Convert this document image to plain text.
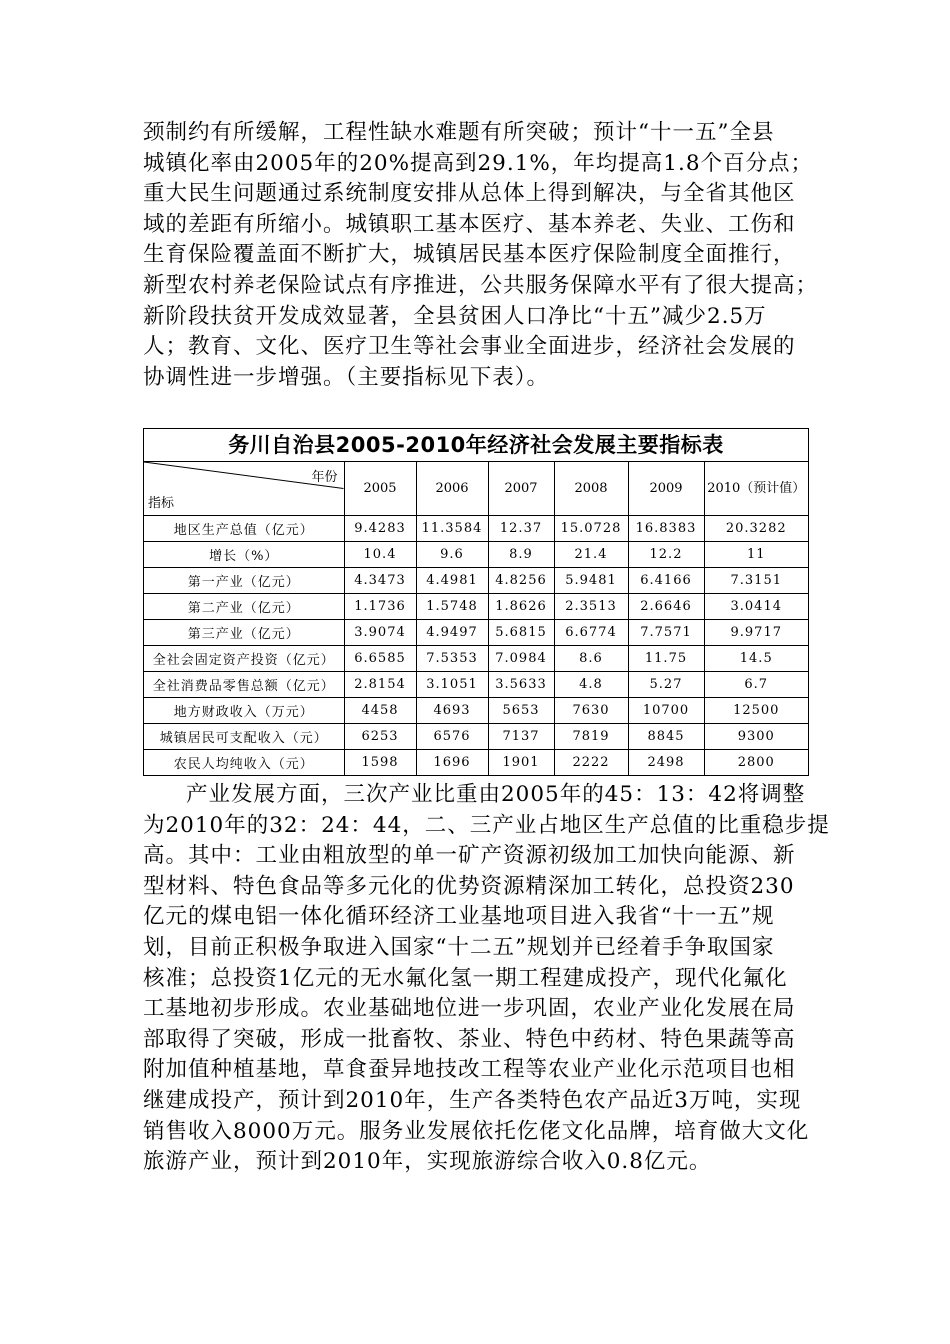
颈制约有所缓解，工程性缺水难题有所突破；预计“十一五”全县
城镇化率由2005年的20%提高到29.1%，年均提高1.8个百分点；
重大民生问题通过系统制度安排从总体上得到解决，与全省其他区
域的差距有所缩小。城镇职工基本医疗、基本养老、失业、工伤和
生育保险覆盖面不断扩大，城镇居民基本医疗保险制度全面推行，
新型农村养老保险试点有序推进，公共服务保障水平有了很大提高；
新阶段扶贫开发成效显著，全县贫困人口净比“十五”减少2.5万
人；教育、文化、医疗卫生等社会事业全面进步，经济社会发展的
协调性进一步增强。（主要指标见下表）。
务川自治县2005-2010年经济社会发展主要指标表
年份
指标	2005	2006	2007	2008	2009	2010（预计值）
地区生产总值（亿元）	9.4283	11.3584	12.37	15.0728	16.8383	20.3282
增长（%）	10.4	9.6	8.9	21.4	12.2	11
第一产业（亿元）	4.3473	4.4981	4.8256	5.9481	6.4166	7.3151
第二产业（亿元）	1.1736	1.5748	1.8626	2.3513	2.6646	3.0414
第三产业（亿元）	3.9074	4.9497	5.6815	6.6774	7.7571	9.9717
全社会固定资产投资（亿元）	6.6585	7.5353	7.0984	8.6	11.75	14.5
全社消费品零售总额（亿元）	2.8154	3.1051	3.5633	4.8	5.27	6.7
地方财政收入（万元）	4458	4693	5653	7630	10700	12500
城镇居民可支配收入（元）	6253	6576	7137	7819	8845	9300
农民人均纯收入（元）	1598	1696	1901	2222	2498	2800
产业发展方面，三次产业比重由2005年的45：13：42将调整
为2010年的32：24：44，二、三产业占地区生产总值的比重稳步提
高。其中：工业由粗放型的单一矿产资源初级加工加快向能源、新
型材料、特色食品等多元化的优势资源精深加工转化，总投资230
亿元的煤电铝一体化循环经济工业基地项目进入我省“十一五”规
划，目前正积极争取进入国家“十二五”规划并已经着手争取国家
核准；总投资1亿元的无水氟化氢一期工程建成投产，现代化氟化
工基地初步形成。农业基础地位进一步巩固，农业产业化发展在局
部取得了突破，形成一批畜牧、茶业、特色中药材、特色果蔬等高
附加值种植基地，草食蚕异地技改工程等农业产业化示范项目也相
继建成投产，预计到2010年，生产各类特色农产品近3万吨，实现
销售收入8000万元。服务业发展依托仡佬文化品牌，培育做大文化
旅游产业，预计到2010年，实现旅游综合收入0.8亿元。
